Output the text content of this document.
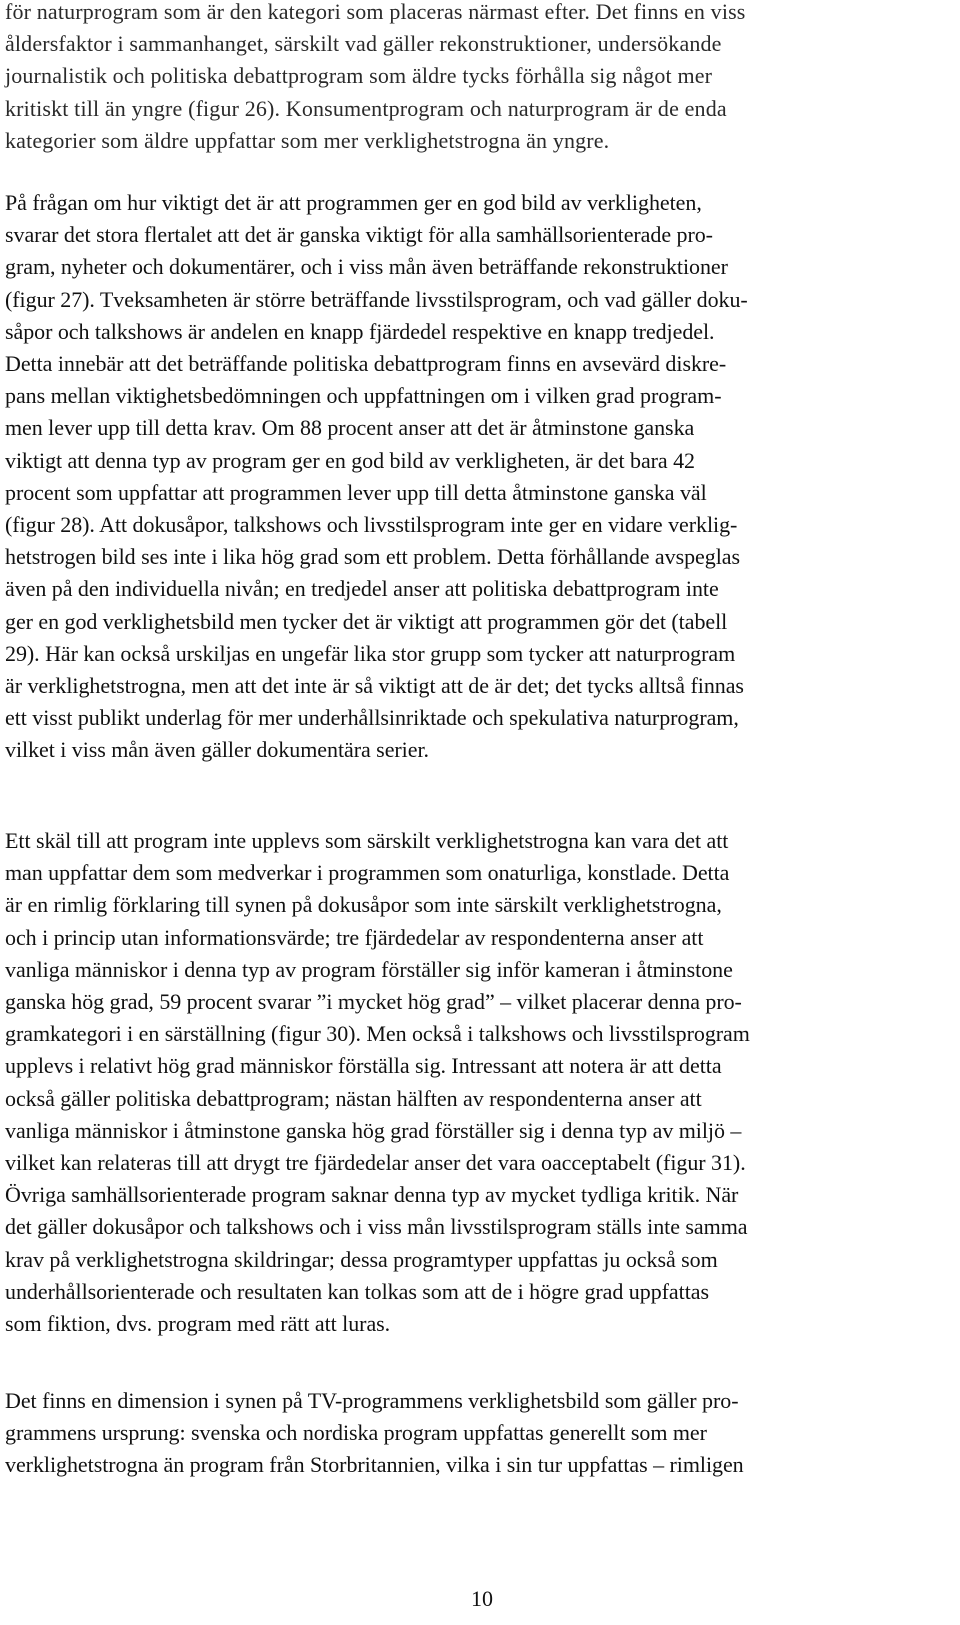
för naturprogram som är den kategori som placeras närmast efter. Det finns en viss
åldersfaktor i sammanhanget, särskilt vad gäller rekonstruktioner, undersökande
journalistik och politiska debattprogram som äldre tycks förhålla sig något mer
kritiskt till än yngre (figur 26). Konsumentprogram och naturprogram är de enda
kategorier som äldre uppfattar som mer verklighetstrogna än yngre.

På frågan om hur viktigt det är att programmen ger en god bild av verkligheten,
svarar det stora flertalet att det är ganska viktigt för alla samhällsorienterade pro-
gram, nyheter och dokumentärer, och i viss mån även beträffande rekonstruktioner
(figur 27). Tveksamheten är större beträffande livsstilsprogram, och vad gäller doku-
såpor och talkshows är andelen en knapp fjärdedel respektive en knapp tredjedel.
Detta innebär att det beträffande politiska debattprogram finns en avsevärd diskre-
pans mellan viktighetsbedömningen och uppfattningen om i vilken grad program-
men lever upp till detta krav. Om 88 procent anser att det är åtminstone ganska
viktigt att denna typ av program ger en god bild av verkligheten, är det bara 42
procent som uppfattar att programmen lever upp till detta åtminstone ganska väl
(figur 28). Att dokusåpor, talkshows och livsstilsprogram inte ger en vidare verklig-
hetstrogen bild ses inte i lika hög grad som ett problem. Detta förhållande avspeglas
även på den individuella nivån; en tredjedel anser att politiska debattprogram inte
ger en god verklighetsbild men tycker det är viktigt att programmen gör det (tabell
29). Här kan också urskiljas en ungefär lika stor grupp som tycker att naturprogram
är verklighetstrogna, men att det inte är så viktigt att de är det; det tycks alltså finnas
ett visst publikt underlag för mer underhållsinriktade och spekulativa naturprogram,
vilket i viss mån även gäller dokumentära serier.

Ett skäl till att program inte upplevs som särskilt verklighetstrogna kan vara det att
man uppfattar dem som medverkar i programmen som onaturliga, konstlade. Detta
är en rimlig förklaring till synen på dokusåpor som inte särskilt verklighetstrogna,
och i princip utan informationsvärde; tre fjärdedelar av respondenterna anser att
vanliga människor i denna typ av program förställer sig inför kameran i åtminstone
ganska hög grad, 59 procent svarar ”i mycket hög grad” – vilket placerar denna pro-
gramkategori i en särställning (figur 30). Men också i talkshows och livsstilsprogram
upplevs i relativt hög grad människor förställa sig. Intressant att notera är att detta
också gäller politiska debattprogram; nästan hälften av respondenterna anser att
vanliga människor i åtminstone ganska hög grad förställer sig i denna typ av miljö –
vilket kan relateras till att drygt tre fjärdedelar anser det vara oacceptabelt (figur 31).
Övriga samhällsorienterade program saknar denna typ av mycket tydliga kritik. När
det gäller dokusåpor och talkshows och i viss mån livsstilsprogram ställs inte samma
krav på verklighetstrogna skildringar; dessa programtyper uppfattas ju också som
underhållsorienterade och resultaten kan tolkas som att de i högre grad uppfattas
som fiktion, dvs. program med rätt att luras.

Det finns en dimension i synen på TV-programmens verklighetsbild som gäller pro-
grammens ursprung: svenska och nordiska program uppfattas generellt som mer
verklighetstrogna än program från Storbritannien, vilka i sin tur uppfattas – rimligen

10
